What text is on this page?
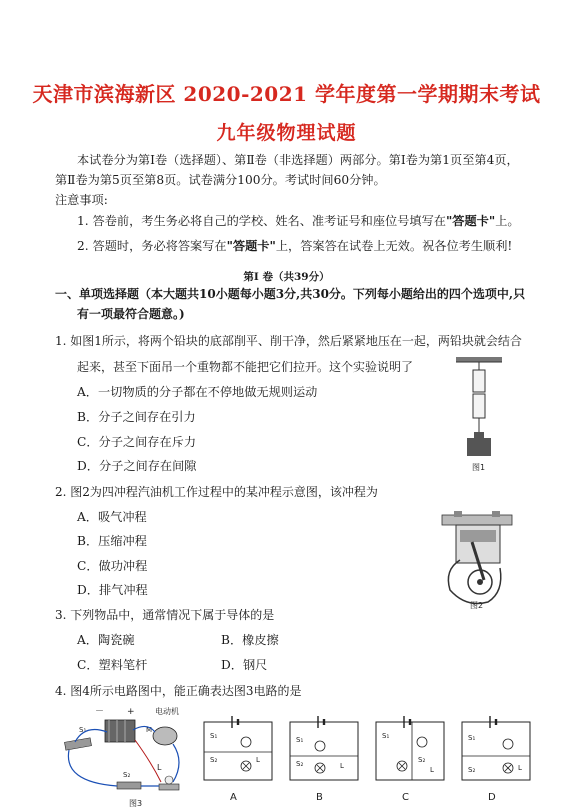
天津市滨海新区 2020-2021 学年度第一学期期末考试
九年级物理试题
本试卷分为第Ⅰ卷（选择题）、第Ⅱ卷（非选择题）两部分。第Ⅰ卷为第1页至第4页，
第Ⅱ卷为第5页至第8页。试卷满分100分。考试时间60分钟。
注意事项:
1. 答卷前，考生务必将自己的学校、姓名、准考证号和座位号填写在"答题卡"上。
2. 答题时，务必将答案写在"答题卡"上，答案答在试卷上无效。祝各位考生顺利!
第Ⅰ 卷（共39分）
一、单项选择题（本大题共10小题每小题3分,共30分。下列每小题给出的四个选项中,只
有一项最符合题意。)
1. 如图1所示，将两个铅块的底部削平、削干净，然后紧紧地压在一起，两铅块就会结合
起来，甚至下面吊一个重物都不能把它们拉开。这个实验说明了
A．一切物质的分子都在不停地做无规则运动
B．分子之间存在引力
C．分子之间存在斥力
D．分子之间存在间隙	图1
2. 图2为四冲程汽油机工作过程中的某冲程示意图，该冲程为
A．吸气冲程
B．压缩冲程
C．做功冲程
D．排气冲程
图2
3. 下列物品中，通常情况下属于导体的是
A．陶瓷碗	B．橡皮擦
C．塑料笔杆	D．钢尺
4. 图4所示电路图中，能正确表达图3电路的是
－	+	电动机
M
S₁
S₂
L
图3
S₁
S₂	L
A
S₁
S₂	L
B
S₁
S₂
L
C
S₁
S₂	L
D
